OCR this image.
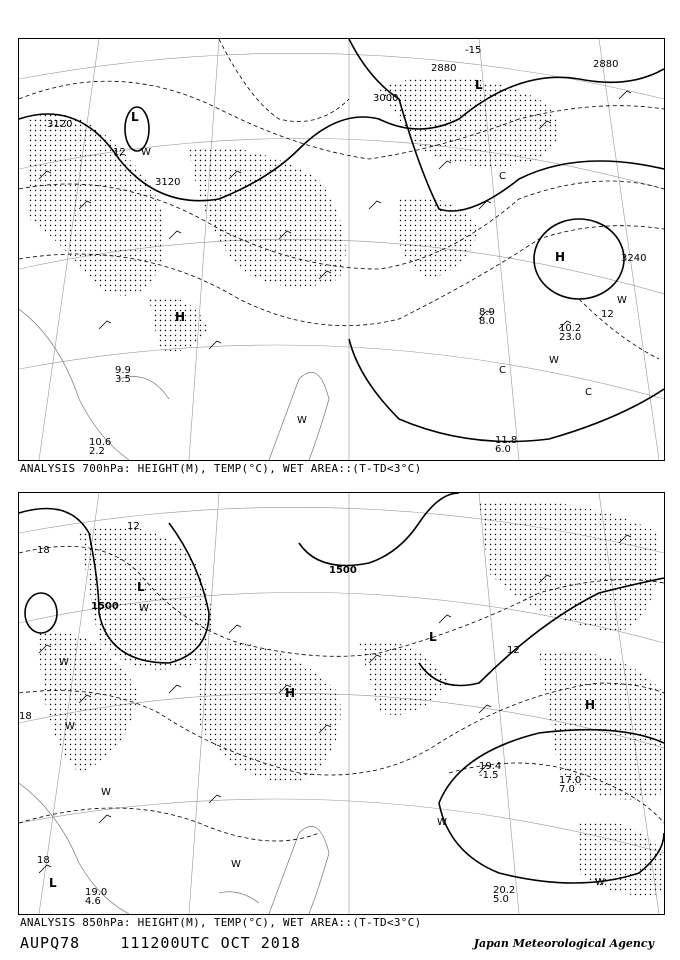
3120
3120
3000
2880	2880
3240
L
L
H
H
W
W
W
C
C
C
W
12
12
-15
11.8 6.0
10.2 23.0
8.9 8.0
10.6 2.2
9.9 3.5
ANALYSIS 700hPa: HEIGHT(M), TEMP(°C), WET AREA::(T-TD<3°C)
1500
1500
L
L
L
H
H
W
W
W
W
W
W
W
18
18
12
12
18
20.2 5.0
19.4 -1.5	17.0 7.0
19.0 4.6
ANALYSIS 850hPa: HEIGHT(M), TEMP(°C), WET AREA::(T-TD<3°C)
AUPQ78	111200UTC OCT 2018	Japan Meteorological Agency
